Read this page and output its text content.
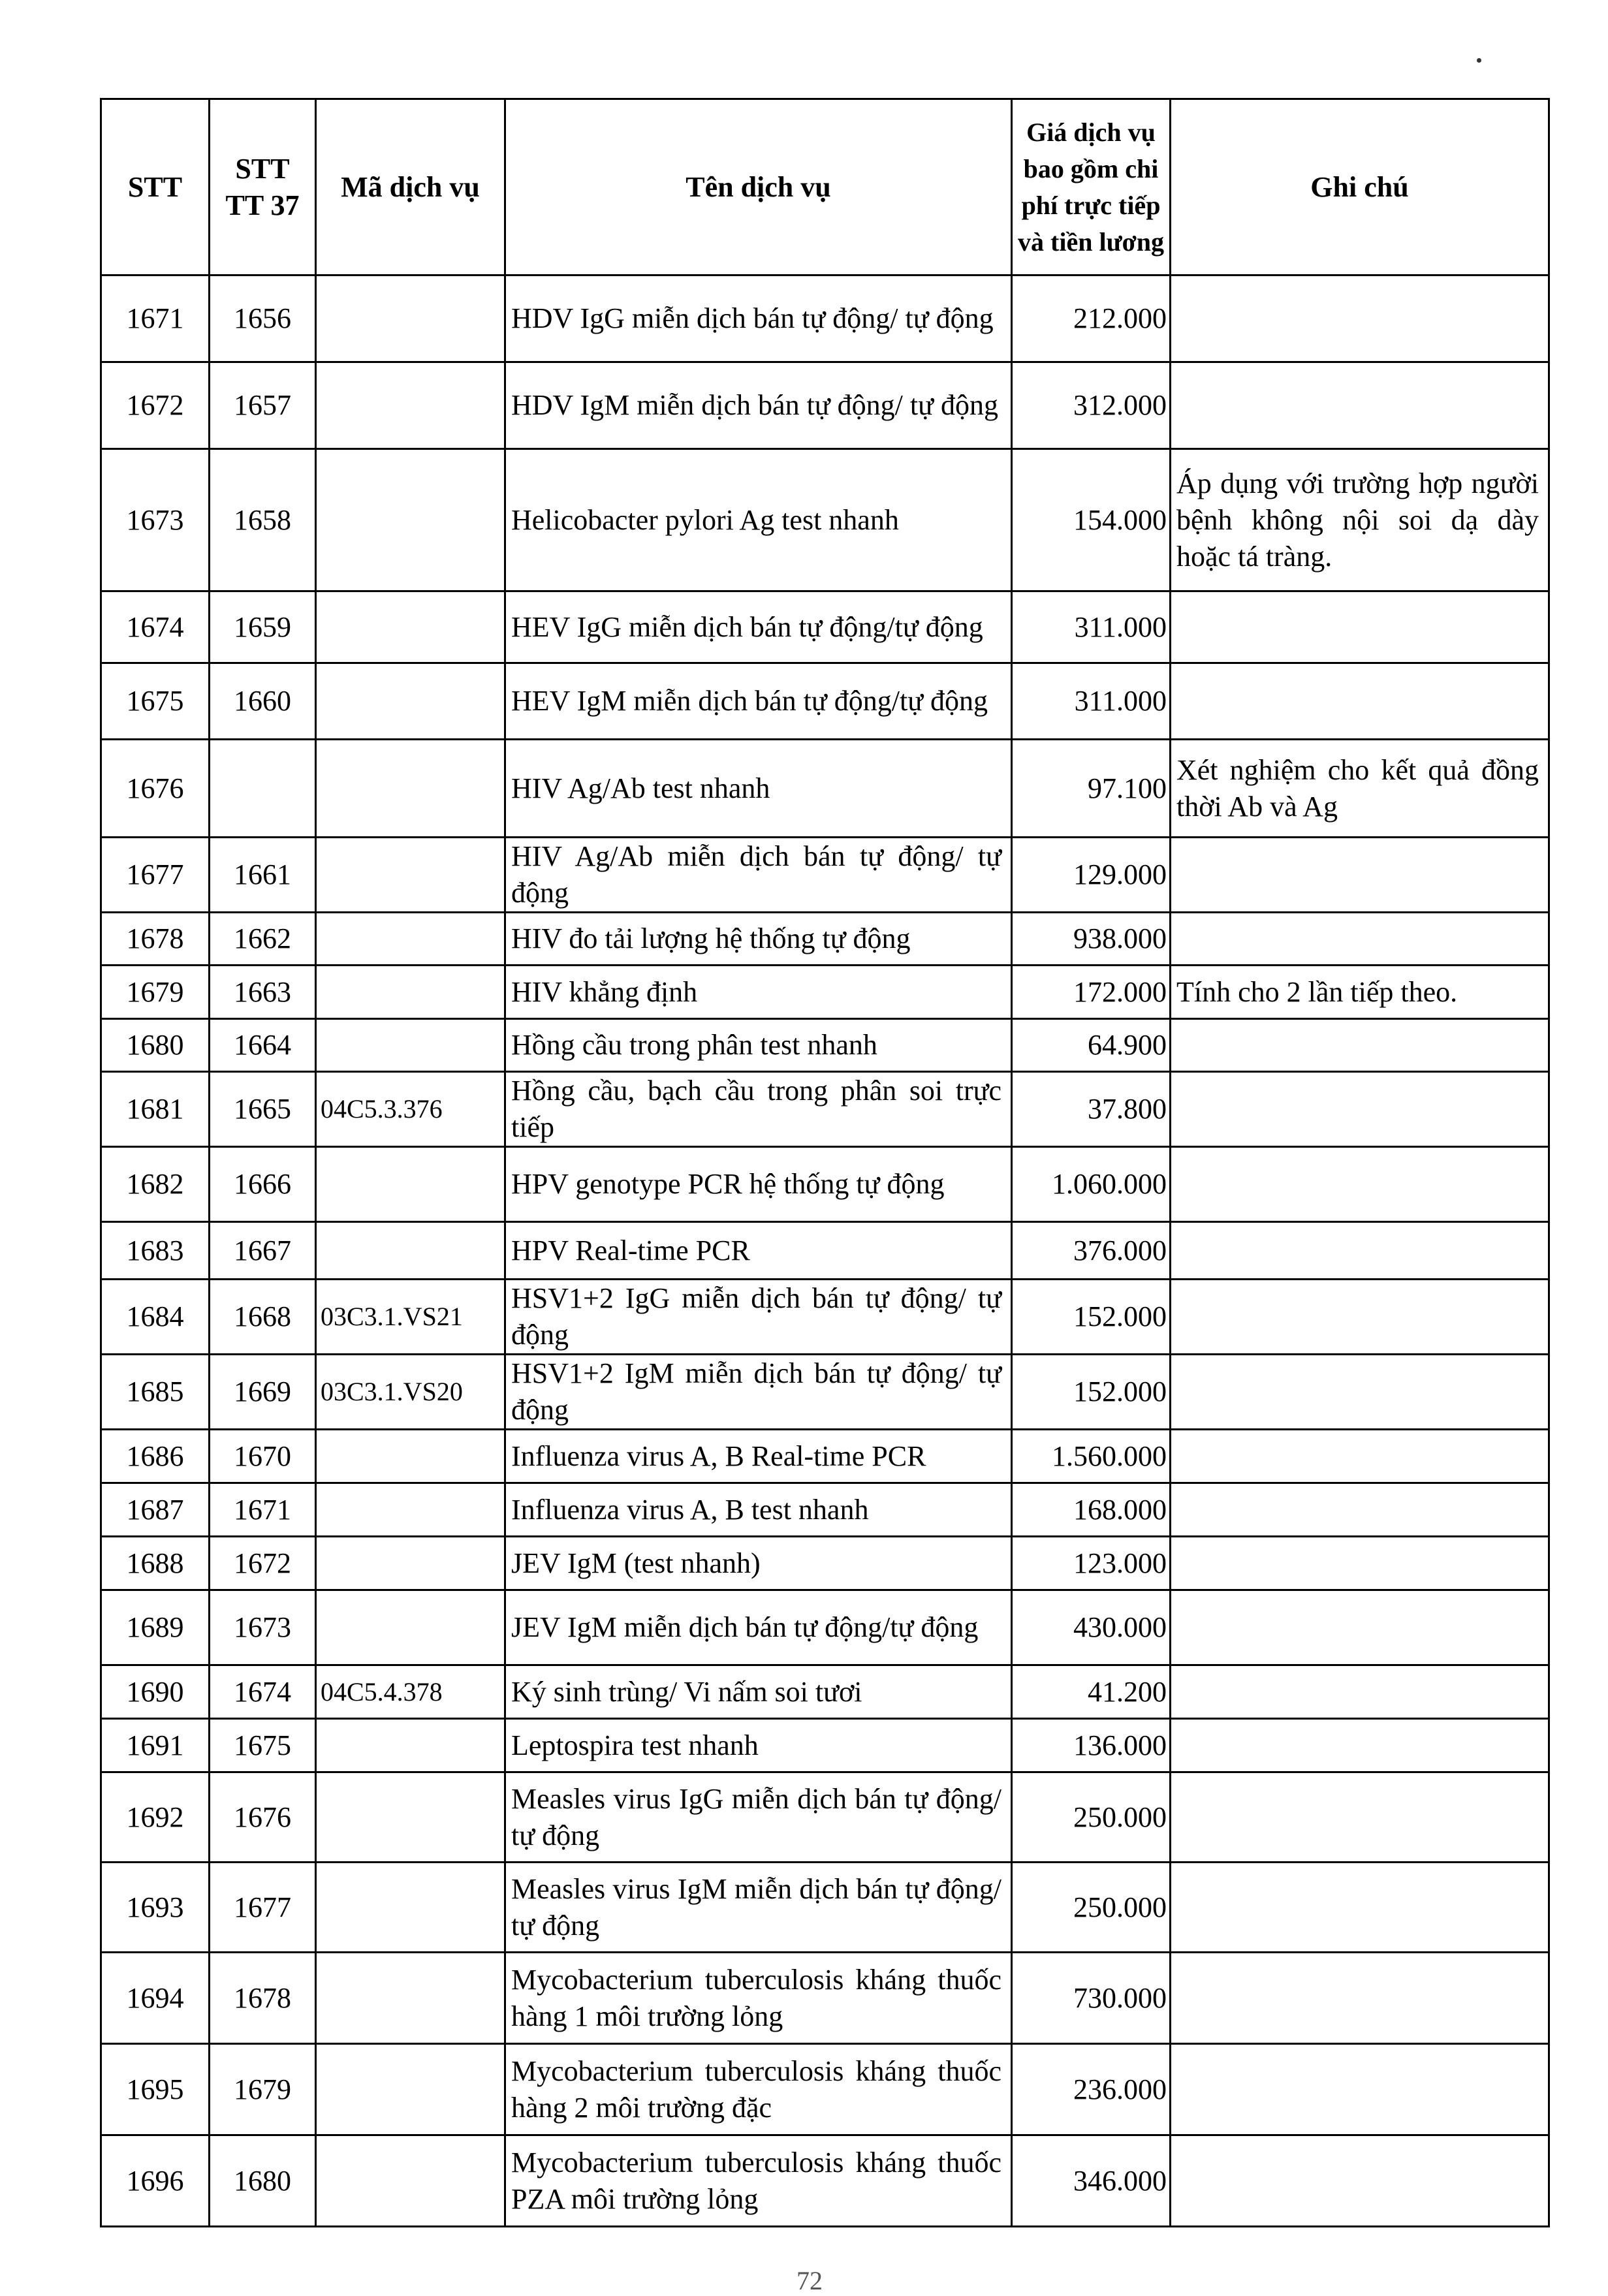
STT	STT TT 37	Mã dịch vụ	Tên dịch vụ	Giá dịch vụ bao gồm chi phí trực tiếp và tiền lương	Ghi chú
1671	1656		HDV IgG miễn dịch bán tự động/ tự động	212.000	
1672	1657		HDV IgM miễn dịch bán tự động/ tự động	312.000	
1673	1658		Helicobacter pylori Ag test nhanh	154.000	Áp dụng với trường hợp người bệnh không nội soi dạ dày hoặc tá tràng.
1674	1659		HEV IgG miễn dịch bán tự động/tự động	311.000	
1675	1660		HEV IgM miễn dịch bán tự động/tự động	311.000	
1676			HIV Ag/Ab test nhanh	97.100	Xét nghiệm cho kết quả đồng thời Ab và Ag
1677	1661		HIV Ag/Ab miễn dịch bán tự động/ tự động	129.000	
1678	1662		HIV đo tải lượng hệ thống tự động	938.000	
1679	1663		HIV khẳng định	172.000	Tính cho 2 lần tiếp theo.
1680	1664		Hồng cầu trong phân test nhanh	64.900	
1681	1665	04C5.3.376	Hồng cầu, bạch cầu trong phân soi trực tiếp	37.800	
1682	1666		HPV genotype PCR hệ thống tự động	1.060.000	
1683	1667		HPV Real-time PCR	376.000	
1684	1668	03C3.1.VS21	HSV1+2 IgG miễn dịch bán tự động/ tự động	152.000	
1685	1669	03C3.1.VS20	HSV1+2 IgM miễn dịch bán tự động/ tự động	152.000	
1686	1670		Influenza virus A, B Real-time PCR	1.560.000	
1687	1671		Influenza virus A, B test nhanh	168.000	
1688	1672		JEV IgM (test nhanh)	123.000	
1689	1673		JEV IgM miễn dịch bán tự động/tự động	430.000	
1690	1674	04C5.4.378	Ký sinh trùng/ Vi nấm soi tươi	41.200	
1691	1675		Leptospira test nhanh	136.000	
1692	1676		Measles virus IgG miễn dịch bán tự động/ tự động	250.000	
1693	1677		Measles virus IgM miễn dịch bán tự động/ tự động	250.000	
1694	1678		Mycobacterium tuberculosis kháng thuốc hàng 1 môi trường lỏng	730.000	
1695	1679		Mycobacterium tuberculosis kháng thuốc hàng 2 môi trường đặc	236.000	
1696	1680		Mycobacterium tuberculosis kháng thuốc PZA môi trường lỏng	346.000	
72
